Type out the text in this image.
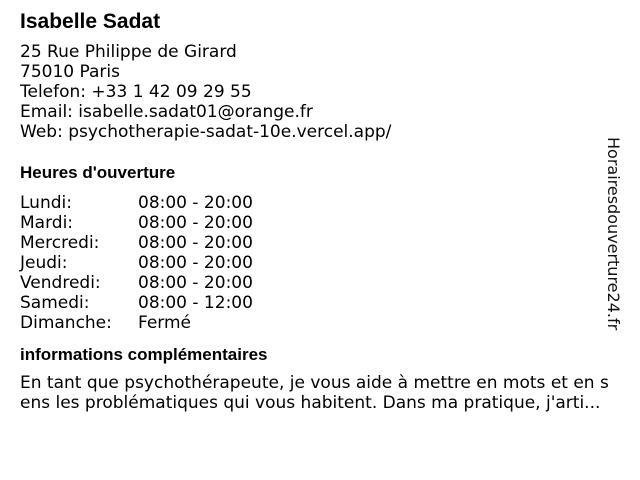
Isabelle Sadat
25 Rue Philippe de Girard
75010 Paris
Telefon: +33 1 42 09 29 55
Email: isabelle.sadat01@orange.fr
Web: psychotherapie-sadat-10e.vercel.app/
Heures d'ouverture
Lundi:	08:00 - 20:00
Mardi:	08:00 - 20:00
Mercredi:	08:00 - 20:00
Jeudi:	08:00 - 20:00
Vendredi:	08:00 - 20:00
Samedi:	08:00 - 12:00
Dimanche:	Fermé
informations complémentaires
En tant que psychothérapeute, je vous aide à mettre en mots et en sens les problématiques qui vous habitent. Dans ma pratique, j'arti...
Horairesdouverture24.fr
